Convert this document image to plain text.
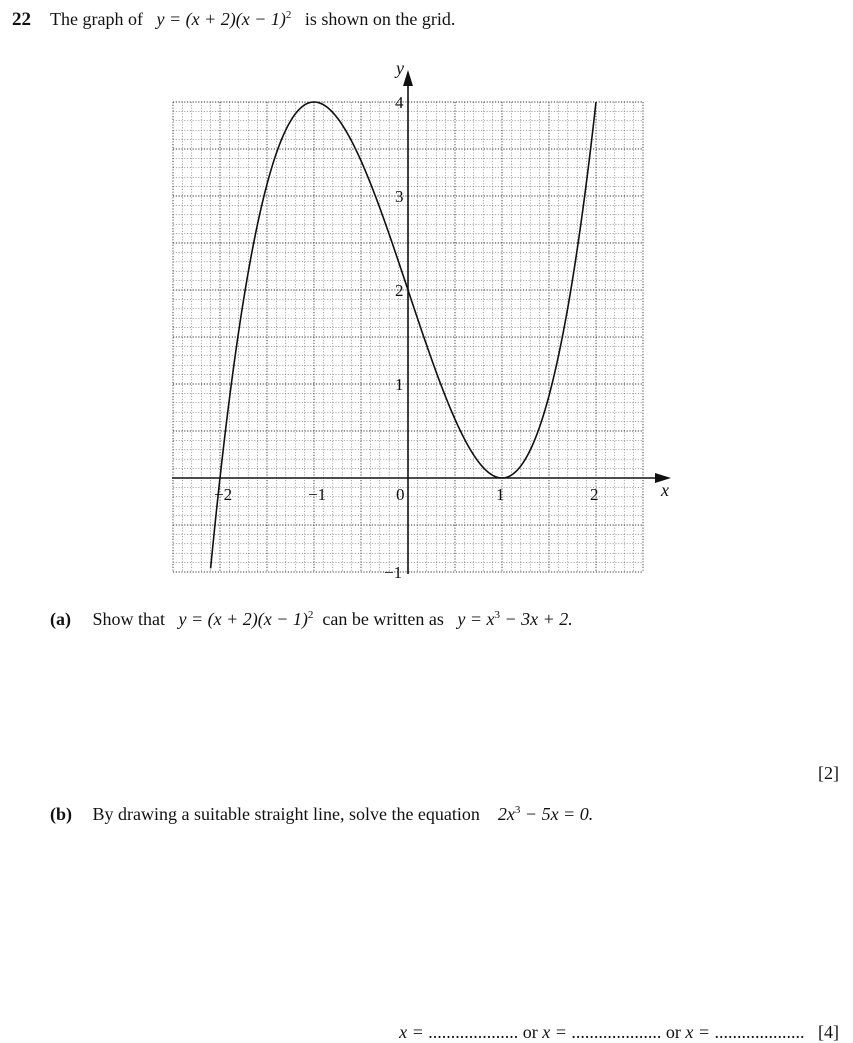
22 The graph of $y = (x + 2)(x - 1)^2$ is shown on the grid.
−2	−1	0	1	2
−1
1
2
3
4
x
y
(a) Show that $y = (x + 2)(x - 1)^2$ can be written as $y = x^3 - 3x + 2$.
[2]
(b) By drawing a suitable straight line, solve the equation $2x^3 - 5x = 0$.
x = .................... or x = .................... or x = .................... [4]
